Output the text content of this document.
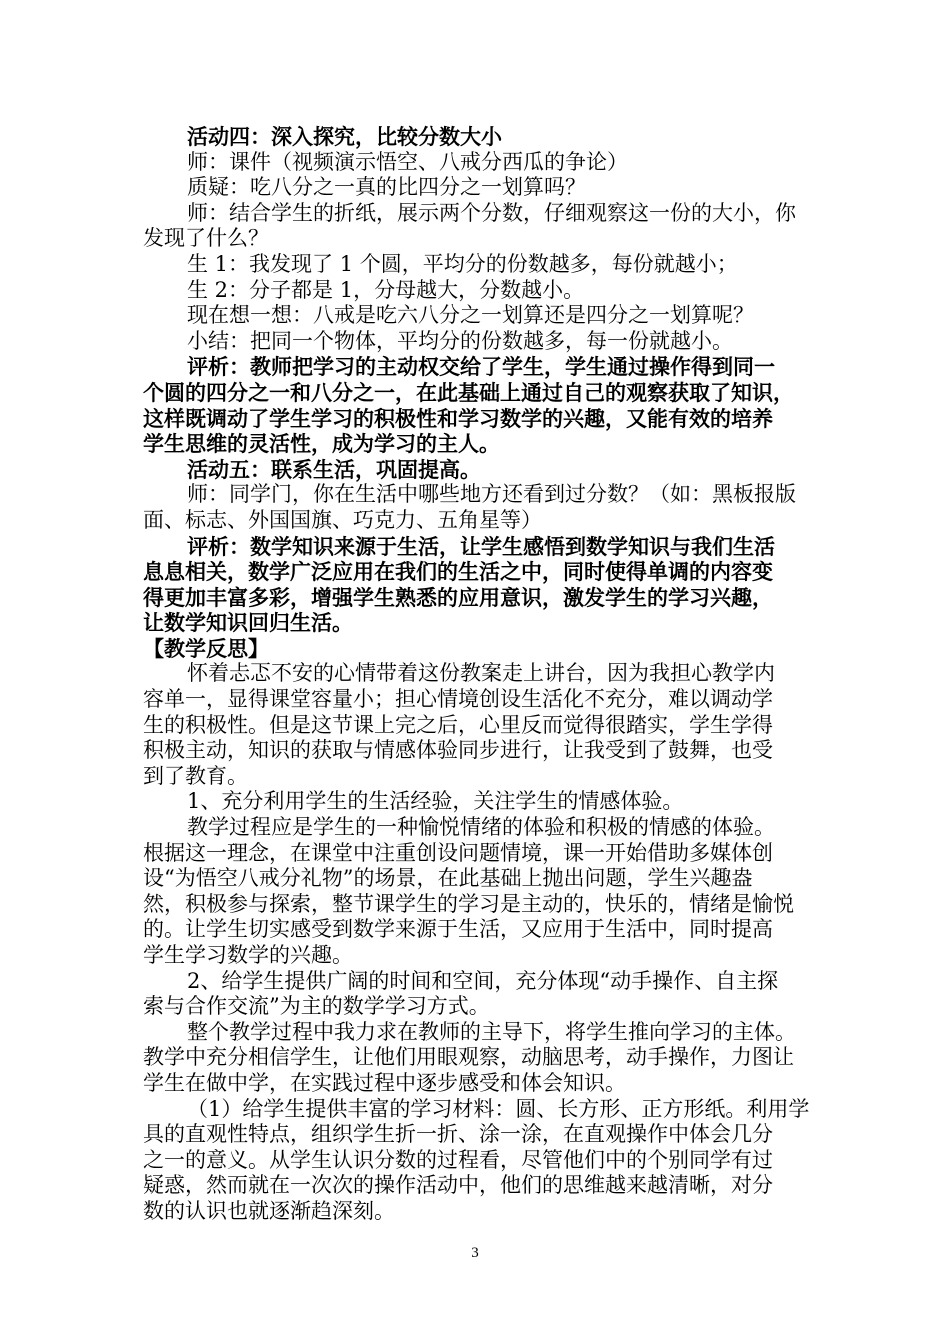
活动四：深入探究，比较分数大小
师：课件（视频演示悟空、八戒分西瓜的争论）
质疑：吃八分之一真的比四分之一划算吗？
师：结合学生的折纸，展示两个分数，仔细观察这一份的大小，你
发现了什么？
生 1：我发现了 1 个圆，平均分的份数越多，每份就越小；
生 2：分子都是 1，分母越大，分数越小。
现在想一想：八戒是吃六八分之一划算还是四分之一划算呢？
小结：把同一个物体，平均分的份数越多，每一份就越小。
评析：教师把学习的主动权交给了学生，学生通过操作得到同一
个圆的四分之一和八分之一，在此基础上通过自己的观察获取了知识，
这样既调动了学生学习的积极性和学习数学的兴趣，又能有效的培养
学生思维的灵活性，成为学习的主人。
活动五：联系生活，巩固提高。
师：同学门，你在生活中哪些地方还看到过分数？（如：黑板报版
面、标志、外国国旗、巧克力、五角星等）
评析：数学知识来源于生活，让学生感悟到数学知识与我们生活
息息相关，数学广泛应用在我们的生活之中，同时使得单调的内容变
得更加丰富多彩，增强学生熟悉的应用意识，激发学生的学习兴趣，
让数学知识回归生活。
【教学反思】
怀着忐忑不安的心情带着这份教案走上讲台，因为我担心教学内
容单一，显得课堂容量小；担心情境创设生活化不充分，难以调动学
生的积极性。但是这节课上完之后，心里反而觉得很踏实，学生学得
积极主动，知识的获取与情感体验同步进行，让我受到了鼓舞，也受
到了教育。
1、充分利用学生的生活经验，关注学生的情感体验。
教学过程应是学生的一种愉悦情绪的体验和积极的情感的体验。
根据这一理念，在课堂中注重创设问题情境，课一开始借助多媒体创
设“为悟空八戒分礼物”的场景，在此基础上抛出问题，学生兴趣盎
然，积极参与探索，整节课学生的学习是主动的，快乐的，情绪是愉悦
的。让学生切实感受到数学来源于生活，又应用于生活中，同时提高
学生学习数学的兴趣。
2、给学生提供广阔的时间和空间，充分体现“动手操作、自主探
索与合作交流”为主的数学学习方式。
整个教学过程中我力求在教师的主导下，将学生推向学习的主体。
教学中充分相信学生，让他们用眼观察，动脑思考，动手操作，力图让
学生在做中学，在实践过程中逐步感受和体会知识。
（1）给学生提供丰富的学习材料：圆、长方形、正方形纸。利用学
具的直观性特点，组织学生折一折、涂一涂，在直观操作中体会几分
之一的意义。从学生认识分数的过程看，尽管他们中的个别同学有过
疑惑，然而就在一次次的操作活动中，他们的思维越来越清晰，对分
数的认识也就逐渐趋深刻。
3
